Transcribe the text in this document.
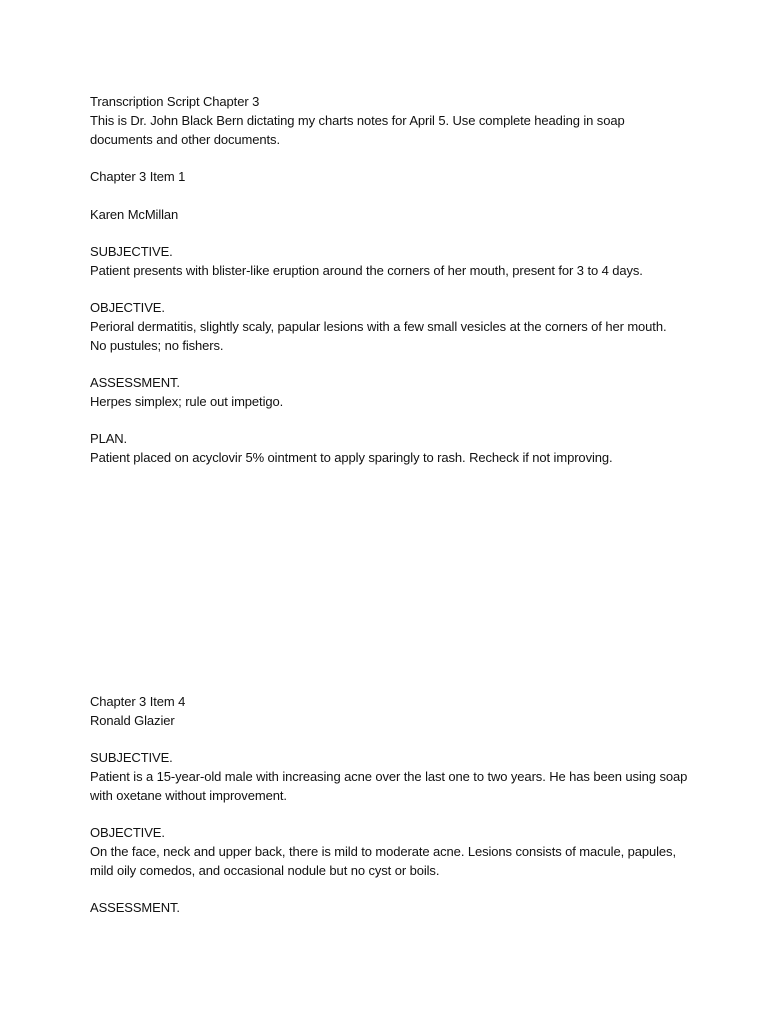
Transcription Script Chapter 3
This is Dr. John Black Bern dictating my charts notes for April 5. Use complete heading in soap
documents and other documents.
Chapter 3 Item 1
Karen McMillan
SUBJECTIVE.
Patient presents with blister-like eruption around the corners of her mouth, present for 3 to 4 days.
OBJECTIVE.
Perioral dermatitis, slightly scaly, papular lesions with a few small vesicles at the corners of her mouth.
No pustules; no fishers.
ASSESSMENT.
Herpes simplex; rule out impetigo.
PLAN.
Patient placed on acyclovir 5% ointment to apply sparingly to rash. Recheck if not improving.
Chapter 3 Item 4
Ronald Glazier
SUBJECTIVE.
Patient is a 15-year-old male with increasing acne over the last one to two years. He has been using soap
with oxetane without improvement.
OBJECTIVE.
On the face, neck and upper back, there is mild to moderate acne. Lesions consists of macule, papules,
mild oily comedos, and occasional nodule but no cyst or boils.
ASSESSMENT.
